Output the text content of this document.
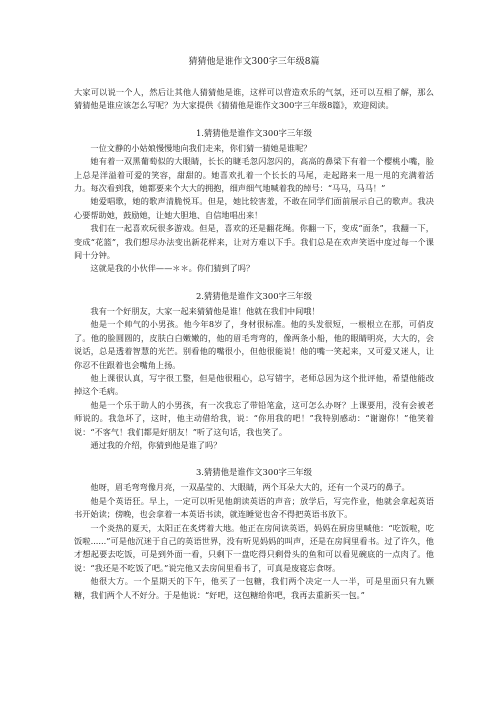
猜猜他是谁作文300字三年级8篇

大家可以说一个人，然后让其他人猜猜他是谁，这样可以营造欢乐的气氛，还可以互相了解，那么猜猜他是谁应该怎么写呢？为大家提供《猜猜他是谁作文300字三年级8篇》，欢迎阅读。

1.猜猜他是谁作文300字三年级

一位文静的小姑娘慢慢地向我们走来，你们猜一猜她是谁呢？

她有着一双黑葡萄似的大眼睛，长长的睫毛忽闪忽闪的，高高的鼻梁下有着一个樱桃小嘴，脸上总是洋溢着可爱的笑容，甜甜的。她喜欢扎着一个长长的马尾，走起路来一甩一甩的充满着活力。每次看到我，她都要来个大大的拥抱，细声细气地喊着我的绰号：“马马，马马！”

她爱唱歌，她的歌声清脆悦耳。但是，她比较害羞，不敢在同学们面前展示自己的歌声。我决心要帮助她，鼓励她，让她大胆地、自信地唱出来！

我们在一起喜欢玩很多游戏。但是，喜欢的还是翻花绳。你翻一下，变成“面条”，我翻一下，变成“花篮”，我们想尽办法变出新花样来，让对方难以下手。我们总是在欢声笑语中度过每一个课间十分钟。

这就是我的小伙伴——＊＊。你们猜到了吗？

2.猜猜他是谁作文300字三年级

我有一个好朋友，大家一起来猜猜他是谁！他就在我们中间哦！

他是一个帅气的小男孩。他今年8岁了，身材很标准。他的头发很短，一根根立在那，可俏皮了。他的脸圆圆的，皮肤白白嫩嫩的，他的眉毛弯弯的，像两条小船，他的眼睛明亮，大大的，会说话，总是透着智慧的光芒。别看他的嘴很小，但他很能说！他的嘴一笑起来，又可爱又迷人，让你忍不住跟着也会嘴角上扬。

他上课很认真，写字很工整，但是他很粗心，总写错字，老师总因为这个批评他，希望他能改掉这个毛病。

他是一个乐于助人的小男孩，有一次我忘了带铅笔盒，这可怎么办呀？上课要用，没有会被老师说的。我急坏了，这时，他主动借给我，说：“你用我的吧！”我特别感动：“谢谢你！”他笑着说：“不客气！我们都是好朋友！”听了这句话，我也笑了。

通过我的介绍，你猜到他是谁了吗？

3.猜猜他是谁作文300字三年级

他呀，眉毛弯弯像月亮，一双晶莹的、大眼睛，两个耳朵大大的，还有一个灵巧的鼻子。

他是个英语狂。早上，一定可以听见他朗读英语的声音；放学后，写完作业，他就会拿起英语书开始读；傍晚，也会拿着一本英语书读，就连睡觉也舍不得把英语书放下。

一个炎热的夏天，太阳正在炙烤着大地。他正在房间读英语，妈妈在厨房里喊他：“吃饭啦，吃饭啦......”可是他沉迷于自己的英语世界，没有听见妈妈的叫声，还是在房间里看书。过了许久，他才想起要去吃饭，可是到外面一看，只剩下一盘吃得只剩骨头的鱼和可以看见碗底的一点肉了。他说：“我还是不吃饭了吧。”说完他又去房间里看书了，可真是废寝忘食呀。

他很大方。一个星期天的下午，他买了一包糖，我们两个决定一人一半，可是里面只有九颗糖，我们两个人不好分。于是他说：“好吧，这包糖给你吧，我再去重新买一包。”
